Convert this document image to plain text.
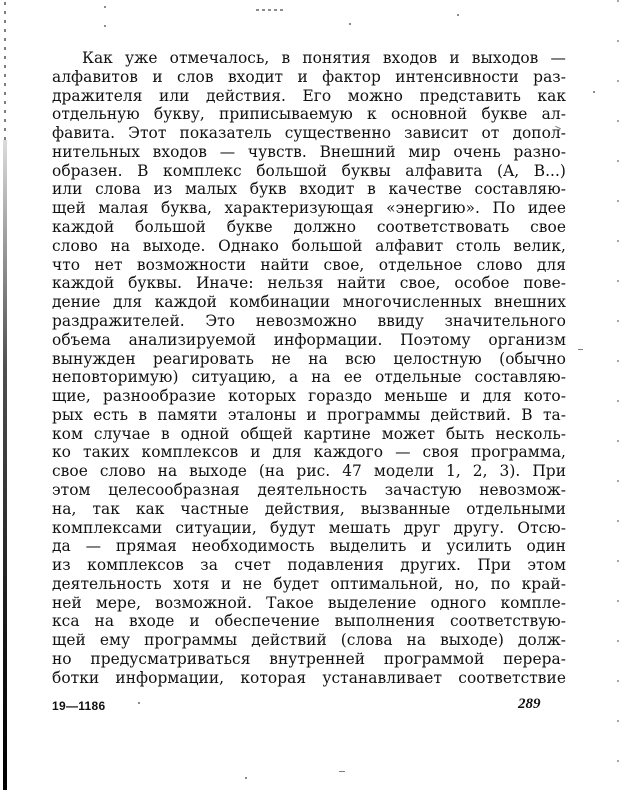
Как уже отмечалось, в понятия входов и выходов —
алфавитов и слов входит и фактор интенсивности раз-
дражителя или действия. Его можно представить как
отдельную букву, приписываемую к основной букве ал-
фавита. Этот показатель существенно зависит от допол-
нительных входов — чувств. Внешний мир очень разно-
образен. В комплекс большой буквы алфавита (A, B...)
или слова из малых букв входит в качестве составляю-
щей малая буква, характеризующая «энергию». По идее
каждой большой букве должно соответствовать свое
слово на выходе. Однако большой алфавит столь велик,
что нет возможности найти свое, отдельное слово для
каждой буквы. Иначе: нельзя найти свое, особое пове-
дение для каждой комбинации многочисленных внешних
раздражителей. Это невозможно ввиду значительного
объема анализируемой информации. Поэтому организм
вынужден реагировать не на всю целостную (обычно
неповторимую) ситуацию, а на ее отдельные составляю-
щие, разнообразие которых гораздо меньше и для кото-
рых есть в памяти эталоны и программы действий. В та-
ком случае в одной общей картине может быть несколь-
ко таких комплексов и для каждого — своя программа,
свое слово на выходе (на рис. 47 модели 1, 2, 3). При
этом целесообразная деятельность зачастую невозмож-
на, так как частные действия, вызванные отдельными
комплексами ситуации, будут мешать друг другу. Отсю-
да — прямая необходимость выделить и усилить один
из комплексов за счет подавления других. При этом
деятельность хотя и не будет оптимальной, но, по край-
ней мере, возможной. Такое выделение одного компле-
кса на входе и обеспечение выполнения соответствую-
щей ему программы действий (слова на выходе) долж-
но предусматриваться внутренней программой перера-
ботки информации, которая устанавливает соответствие
19—1186	289
